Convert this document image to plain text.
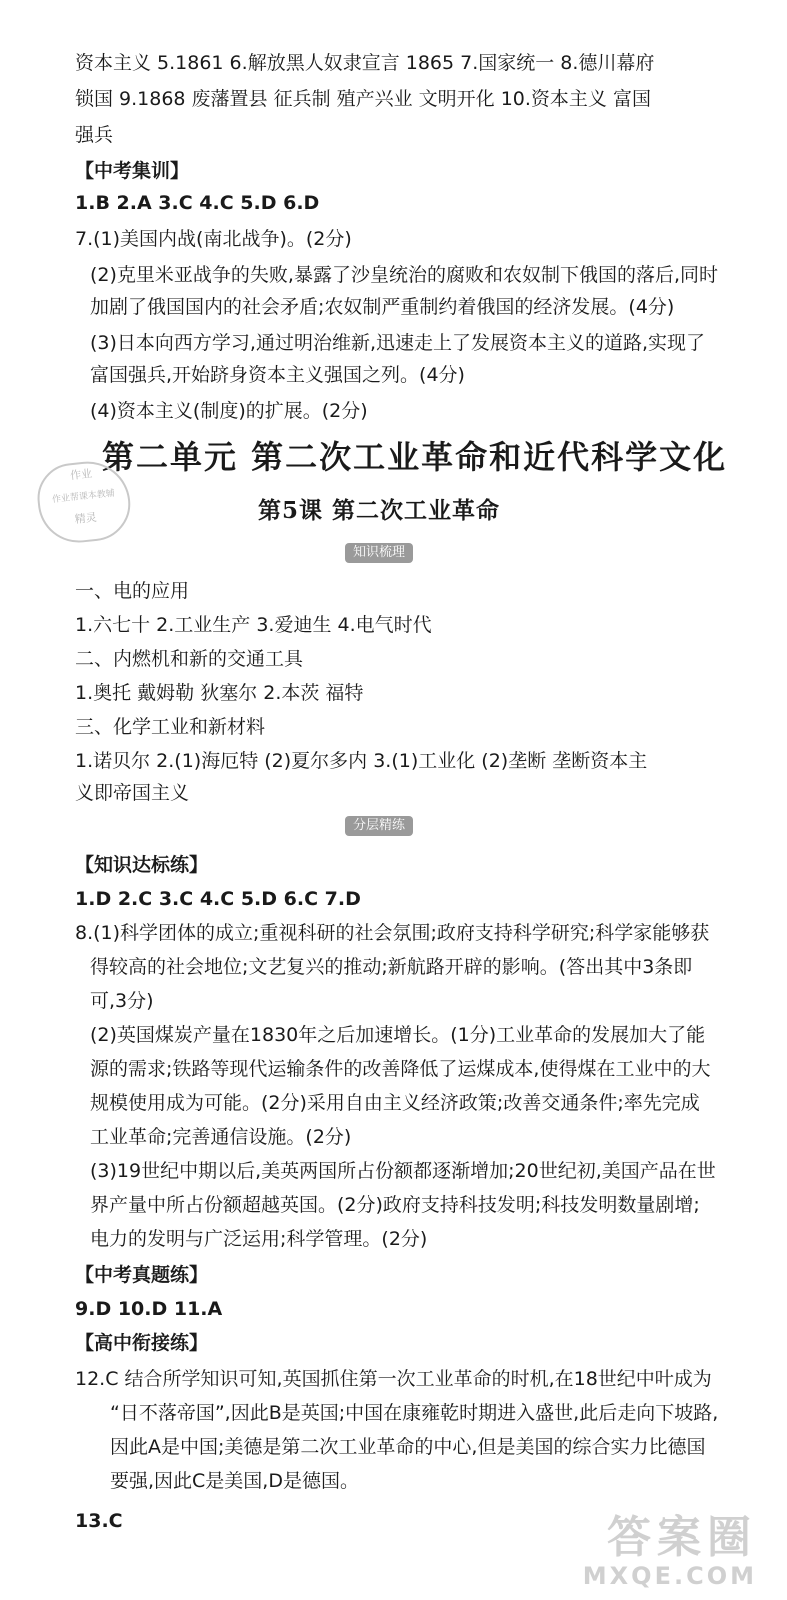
资本主义 5.1861 6.解放黑人奴隶宣言 1865 7.国家统一 8.德川幕府
锁国 9.1868 废藩置县 征兵制 殖产兴业 文明开化 10.资本主义 富国
强兵
【中考集训】
1.B 2.A 3.C 4.C 5.D 6.D
7.(1)美国内战(南北战争)。(2分)
(2)克里米亚战争的失败,暴露了沙皇统治的腐败和农奴制下俄国的落后,同时
加剧了俄国国内的社会矛盾;农奴制严重制约着俄国的经济发展。(4分)
(3)日本向西方学习,通过明治维新,迅速走上了发展资本主义的道路,实现了
富国强兵,开始跻身资本主义强国之列。(4分)
(4)资本主义(制度)的扩展。(2分)
第二单元 第二次工业革命和近代科学文化
作业
作业帮课本教辅
精灵	第5课 第二次工业革命
知识梳理
一、电的应用
1.六七十 2.工业生产 3.爱迪生 4.电气时代
二、内燃机和新的交通工具
1.奥托 戴姆勒 狄塞尔 2.本茨 福特
三、化学工业和新材料
1.诺贝尔 2.(1)海厄特 (2)夏尔多内 3.(1)工业化 (2)垄断 垄断资本主
义即帝国主义
分层精练
【知识达标练】
1.D 2.C 3.C 4.C 5.D 6.C 7.D
8.(1)科学团体的成立;重视科研的社会氛围;政府支持科学研究;科学家能够获
得较高的社会地位;文艺复兴的推动;新航路开辟的影响。(答出其中3条即
可,3分)
(2)英国煤炭产量在1830年之后加速增长。(1分)工业革命的发展加大了能
源的需求;铁路等现代运输条件的改善降低了运煤成本,使得煤在工业中的大
规模使用成为可能。(2分)采用自由主义经济政策;改善交通条件;率先完成
工业革命;完善通信设施。(2分)
(3)19世纪中期以后,美英两国所占份额都逐渐增加;20世纪初,美国产品在世
界产量中所占份额超越英国。(2分)政府支持科技发明;科技发明数量剧增;
电力的发明与广泛运用;科学管理。(2分)
【中考真题练】
9.D 10.D 11.A
【高中衔接练】
12.C 结合所学知识可知,英国抓住第一次工业革命的时机,在18世纪中叶成为
“日不落帝国”,因此B是英国;中国在康雍乾时期进入盛世,此后走向下坡路,
因此A是中国;美德是第二次工业革命的中心,但是美国的综合实力比德国
要强,因此C是美国,D是德国。
13.C	答案圈
MXQE.COM
